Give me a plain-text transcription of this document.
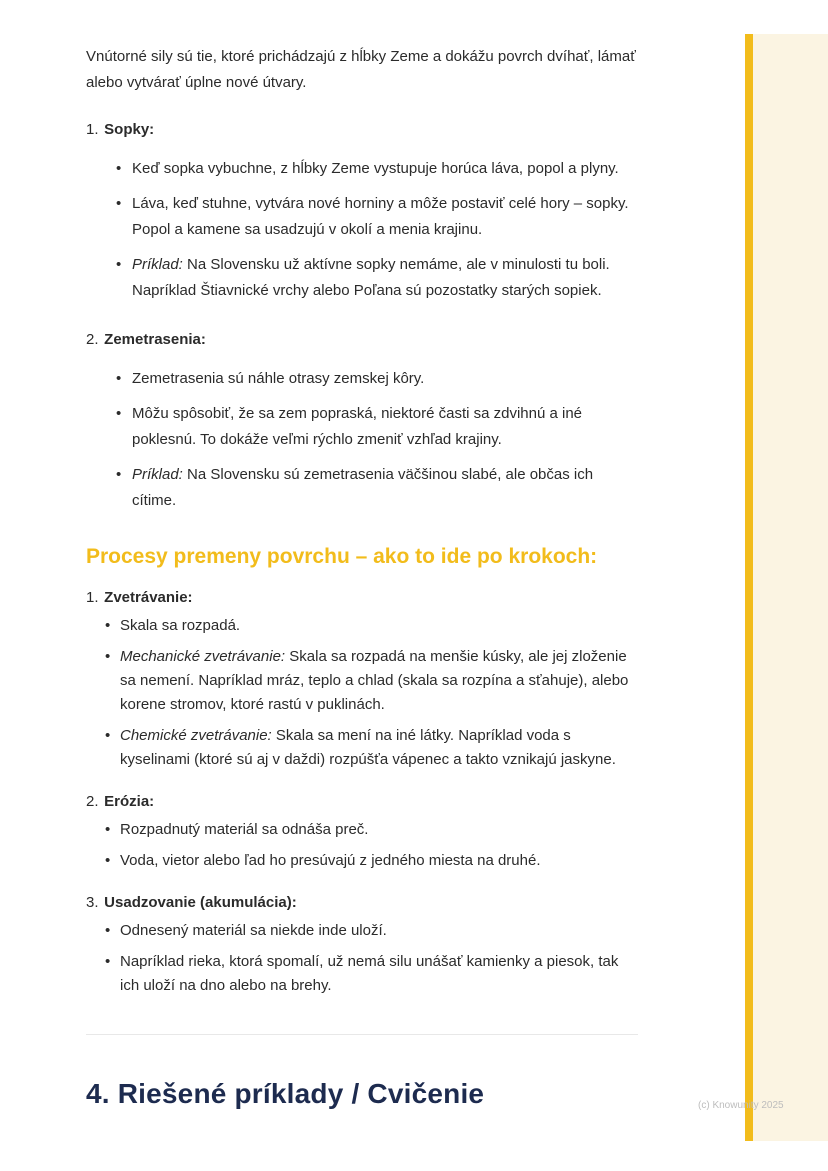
Vnútorné sily sú tie, ktoré prichádzajú z hĺbky Zeme a dokážu povrch dvíhať, lámať alebo vytvárať úplne nové útvary.

1. Sopky:
• Keď sopka vybuchne, z hĺbky Zeme vystupuje horúca láva, popol a plyny.
• Láva, keď stuhne, vytvára nové horniny a môže postaviť celé hory – sopky. Popol a kamene sa usadzujú v okolí a menia krajinu.
• Príklad: Na Slovensku už aktívne sopky nemáme, ale v minulosti tu boli. Napríklad Štiavnické vrchy alebo Poľana sú pozostatky starých sopiek.
2. Zemetrasenia:
• Zemetrasenia sú náhle otrasy zemskej kôry.
• Môžu spôsobiť, že sa zem popraská, niektoré časti sa zdvihnú a iné poklesnú. To dokáže veľmi rýchlo zmeniť vzhľad krajiny.
• Príklad: Na Slovensku sú zemetrasenia väčšinou slabé, ale občas ich cítime.
Procesy premeny povrchu – ako to ide po krokoch:
1. Zvetrávanie:
• Skala sa rozpadá.
• Mechanické zvetrávanie: Skala sa rozpadá na menšie kúsky, ale jej zloženie sa nemení. Napríklad mráz, teplo a chlad (skala sa rozpína a sťahuje), alebo korene stromov, ktoré rastú v puklinách.
• Chemické zvetrávanie: Skala sa mení na iné látky. Napríklad voda s kyselinami (ktoré sú aj v daždi) rozpúšťa vápenec a takto vznikajú jaskyne.
2. Erózia:
• Rozpadnutý materiál sa odnáša preč.
• Voda, vietor alebo ľad ho presúvajú z jedného miesta na druhé.
3. Usadzovanie (akumulácia):
• Odnesený materiál sa niekde inde uloží.
• Napríklad rieka, ktorá spomalí, už nemá silu unášať kamienky a piesok, tak ich uloží na dno alebo na brehy.
4. Riešené príklady / Cvičenie	(c) Knowunity 2025
